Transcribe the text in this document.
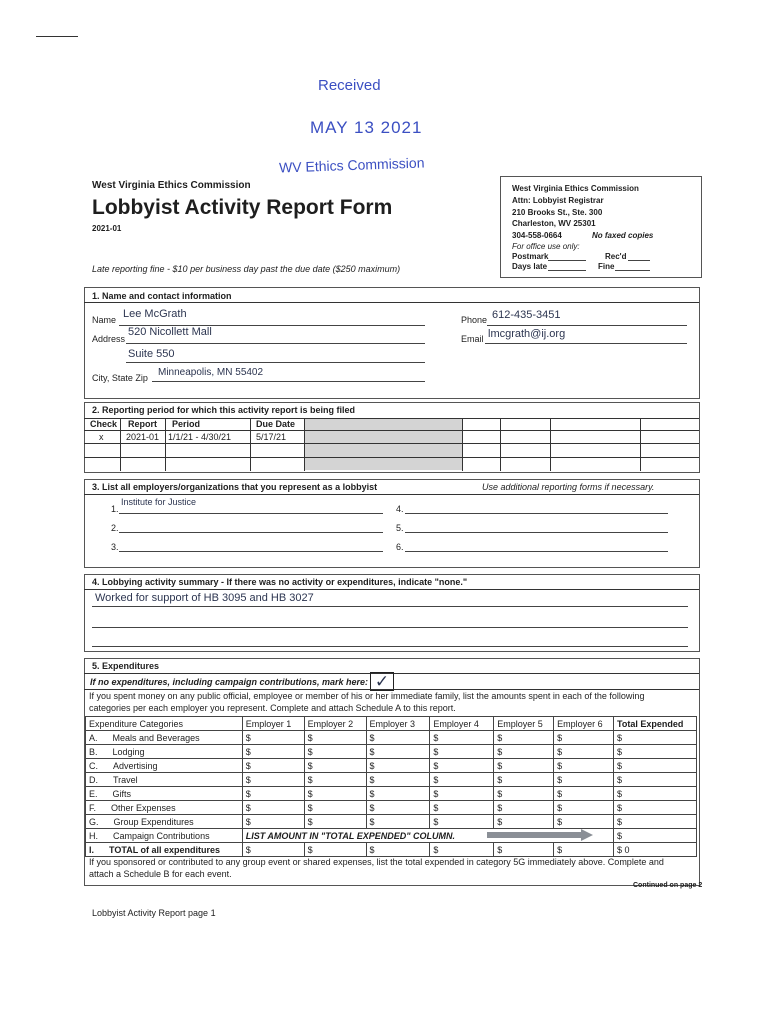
Received
MAY 13 2021
WV Ethics Commission
West Virginia Ethics Commission
Lobbyist Activity Report Form
2021-01
Late reporting fine - $10 per business day past the due date ($250 maximum)
West Virginia Ethics Commission
Attn: Lobbyist Registrar
210 Brooks St., Ste. 300
Charleston, WV 25301
304-558-0664	No faxed copies
For office use only:
Postmark	Rec'd
Days late	Fine
1. Name and contact information
Name Lee McGrath	Phone 612-435-3451
Address
520 Nicollett Mall
Email lmcgrath@ij.org
Suite 550
City, State Zip Minneapolis, MN 55402
2. Reporting period for which this activity report is being filed
Check Report Period	Due Date
x	2021-01 1/1/21 - 4/30/21	5/17/21
3. List all employers/organizations that you represent as a lobbyist	Use additional reporting forms if necessary.
1.
Institute for Justice
2.
3.
4.
5.
6.
4. Lobbying activity summary - If there was no activity or expenditures, indicate "none."
Worked for support of HB 3095 and HB 3027
5. Expenditures
If no expenditures, including campaign contributions, mark here: ✓
If you spent money on any public official, employee or member of his or her immediate family, list the amounts spent in each of the following
categories per each employer you represent. Complete and attach Schedule A to this report.
Expenditure Categories	Employer 1	Employer 2	Employer 3	Employer 4	Employer 5	Employer 6	Total Expended
A. Meals and Beverages	$	$	$	$	$	$	$
B. Lodging	$	$	$	$	$	$	$
C. Advertising	$	$	$	$	$	$	$
D. Travel	$	$	$	$	$	$	$
E. Gifts	$	$	$	$	$	$	$
F. Other Expenses	$	$	$	$	$	$	$
G. Group Expenditures	$	$	$	$	$	$	$
H. Campaign Contributions	LIST AMOUNT IN "TOTAL EXPENDED" COLUMN.						$
I. TOTAL of all expenditures	$	$	$	$	$	$	$ 0
If you sponsored or contributed to any group event or shared expenses, list the total expended in category 5G immediately above. Complete and
attach a Schedule B for each event.
Continued on page 2
Lobbyist Activity Report page 1
